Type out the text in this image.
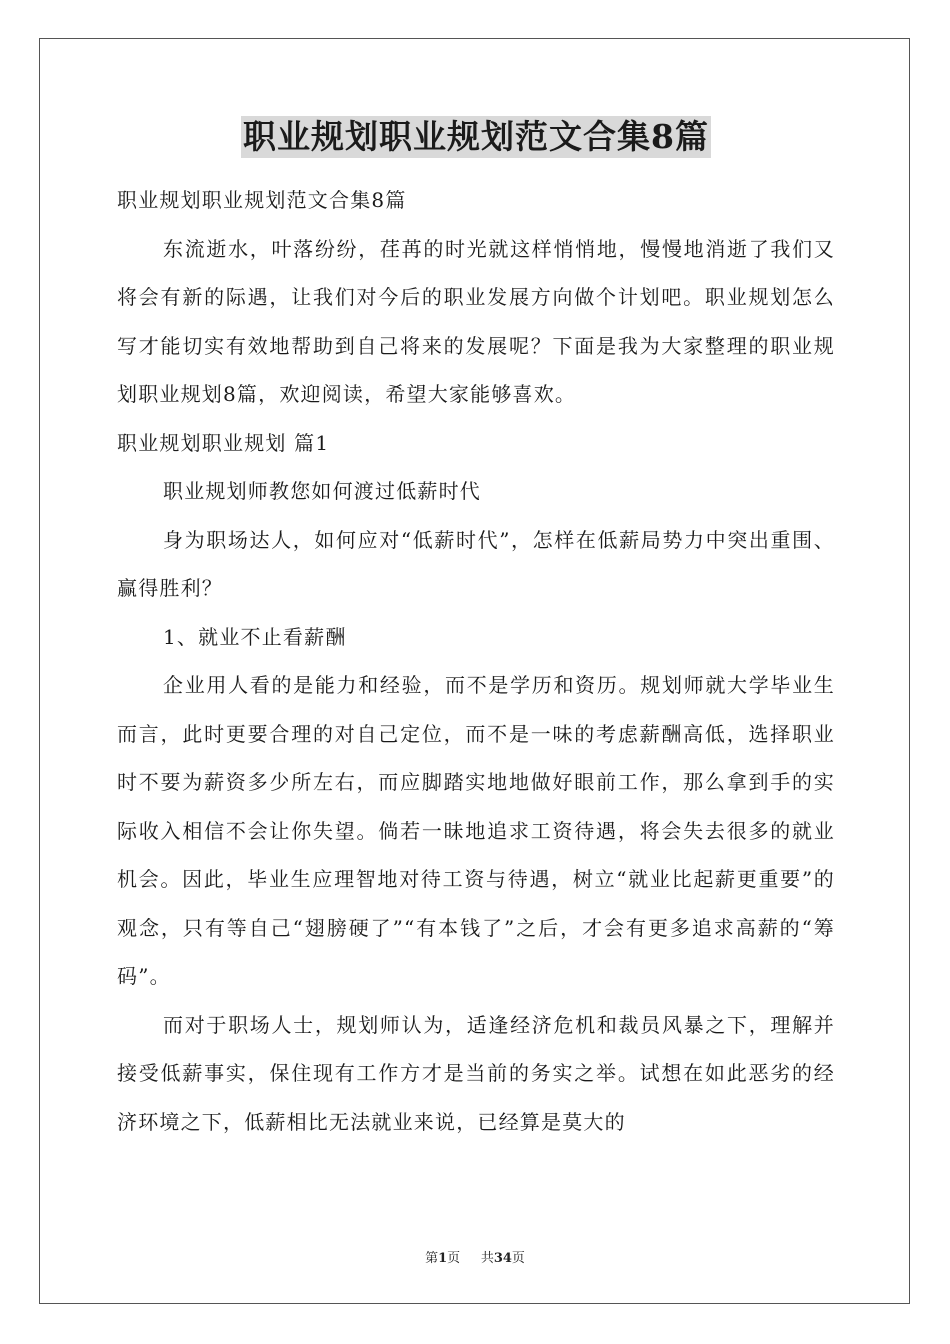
职业规划职业规划范文合集8篇

职业规划职业规划范文合集8篇

东流逝水，叶落纷纷，荏苒的时光就这样悄悄地，慢慢地消逝了我们又将会有新的际遇，让我们对今后的职业发展方向做个计划吧。职业规划怎么写才能切实有效地帮助到自己将来的发展呢？下面是我为大家整理的职业规划职业规划8篇，欢迎阅读，希望大家能够喜欢。

职业规划职业规划 篇1

职业规划师教您如何渡过低薪时代

身为职场达人，如何应对“低薪时代”，怎样在低薪局势力中突出重围、赢得胜利？

1、就业不止看薪酬

企业用人看的是能力和经验，而不是学历和资历。规划师就大学毕业生而言，此时更要合理的对自己定位，而不是一味的考虑薪酬高低，选择职业时不要为薪资多少所左右，而应脚踏实地地做好眼前工作，那么拿到手的实际收入相信不会让你失望。倘若一昧地追求工资待遇，将会失去很多的就业机会。因此，毕业生应理智地对待工资与待遇，树立“就业比起薪更重要”的观念，只有等自己“翅膀硬了”“有本钱了”之后，才会有更多追求高薪的“筹码”。

而对于职场人士，规划师认为，适逢经济危机和裁员风暴之下，理解并接受低薪事实，保住现有工作方才是当前的务实之举。试想在如此恶劣的经济环境之下，低薪相比无法就业来说，已经算是莫大的

第1页 共34页
